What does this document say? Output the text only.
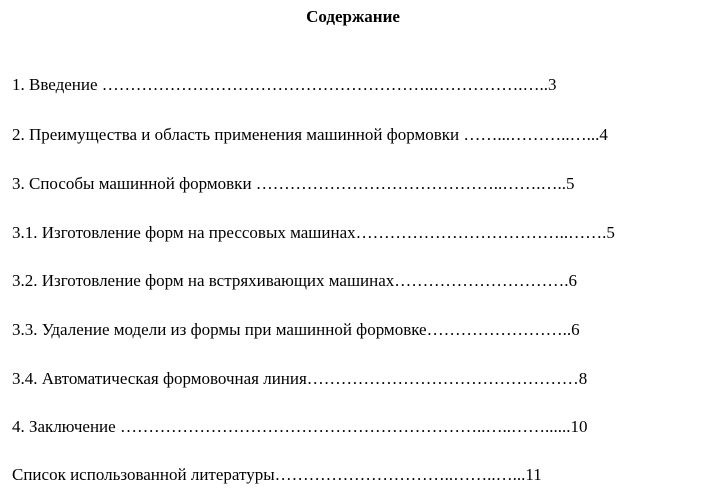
Содержание
1. Введение …………………………………………………..…………….…..3
2. Преимущества и область применения машинной формовки ……...………..…...4
3. Способы машинной формовки ……………………………………..…….…..5
3.1. Изготовление форм на прессовых машинах………………………………..…….5
3.2. Изготовление форм на встряхивающих машинах………………………….6
3.3. Удаление модели из формы при машинной формовке……………………..6
3.4. Автоматическая формовочная линия…………………………………………8
4. Заключение ………………………………………………………..…..……......10
Список использованной литературы…………………………..……..…...11
